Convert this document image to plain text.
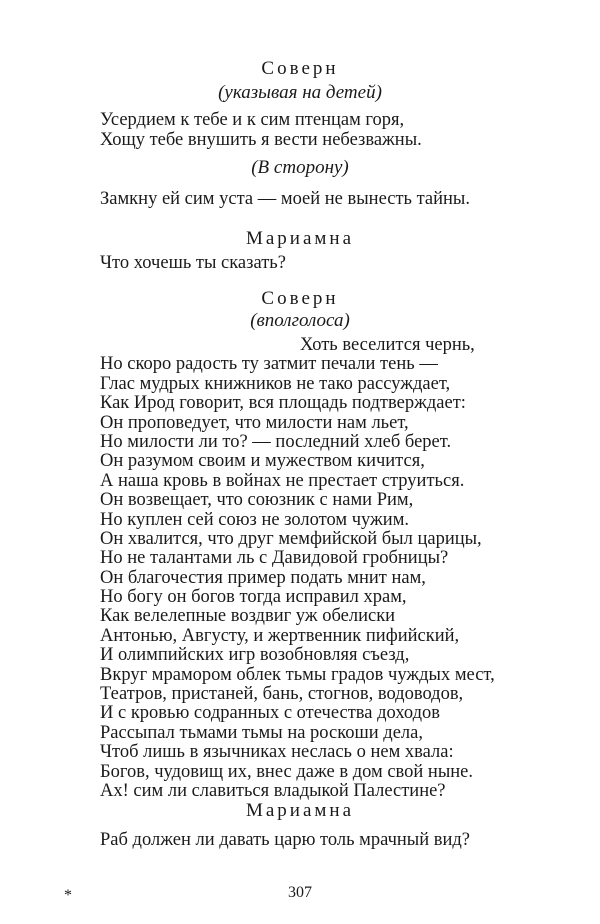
Соверн
(указывая на детей)
Усердием к тебе и к сим птенцам горя,
Хощу тебе внушить я вести небезважны.
(В сторону)
Замкну ей сим уста — моей не вынесть тайны.
Мариамна
Что хочешь ты сказать?
Соверн
(вполголоса)
Хоть веселится чернь,
Но скоро радость ту затмит печали тень —
Глас мудрых книжников не тако рассуждает,
Как Ирод говорит, вся площадь подтверждает:
Он проповедует, что милости нам льет,
Но милости ли то? — последний хлеб берет.
Он разумом своим и мужеством кичится,
А наша кровь в войнах не престает струиться.
Он возвещает, что союзник с нами Рим,
Но куплен сей союз не золотом чужим.
Он хвалится, что друг мемфийской был царицы,
Но не талантами ль с Давидовой гробницы?
Он благочестия пример подать мнит нам,
Но богу он богов тогда исправил храм,
Как велелепные воздвиг уж обелиски
Антонью, Августу, и жертвенник пифийский,
И олимпийских игр возобновляя съезд,
Вкруг мрамором облек тьмы градов чуждых мест,
Театров, пристаней, бань, стогнов, водоводов,
И с кровью содранных с отечества доходов
Рассыпал тьмами тьмы на роскоши дела,
Чтоб лишь в язычниках неслась о нем хвала:
Богов, чудовищ их, внес даже в дом свой ныне.
Ах! сим ли славиться владыкой Палестине?
Мариамна
Раб должен ли давать царю толь мрачный вид?
*	307
